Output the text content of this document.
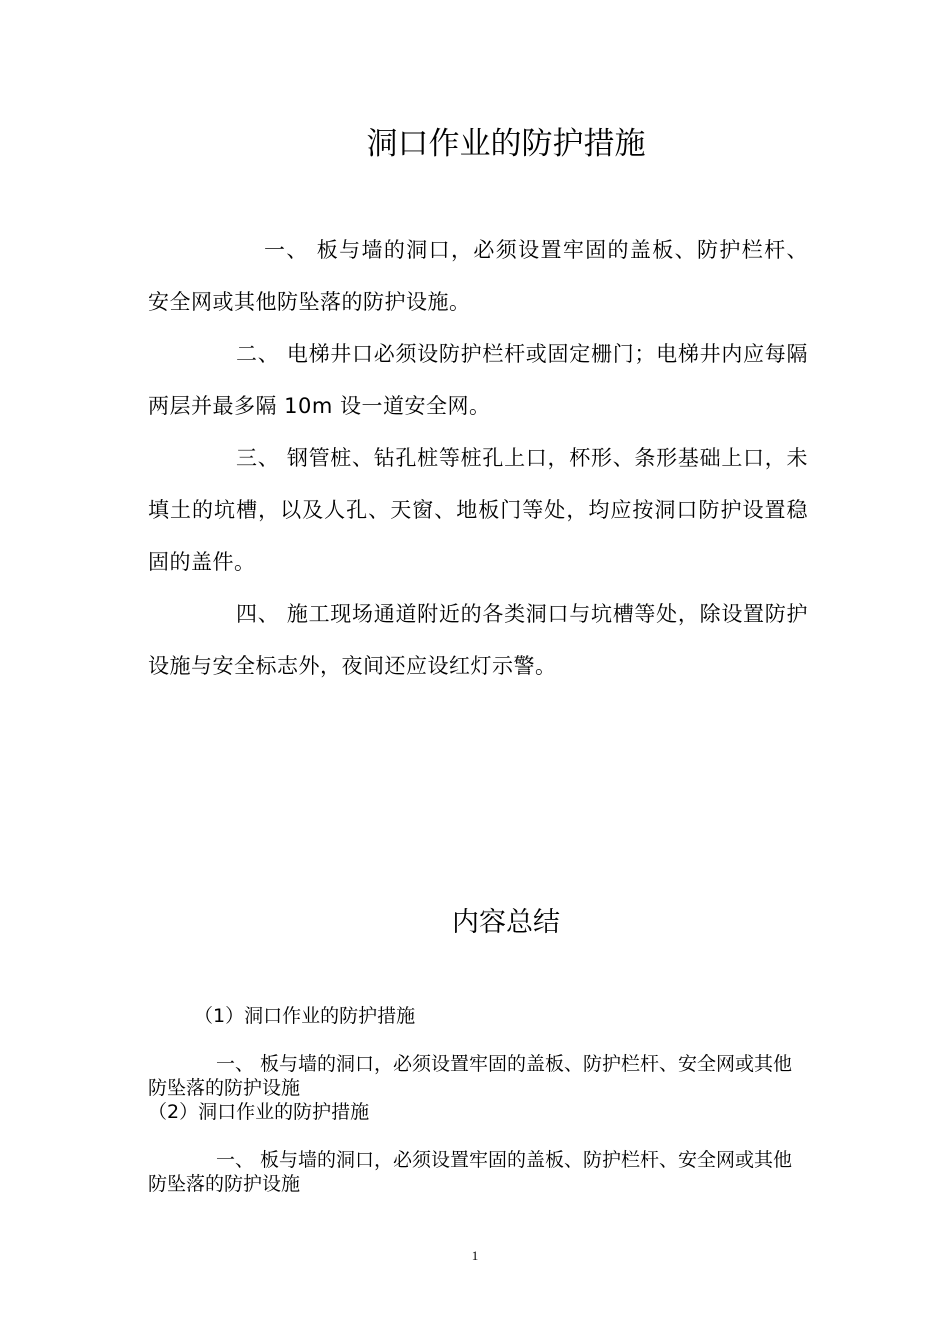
洞口作业的防护措施

一、 板与墙的洞口，必须设置牢固的盖板、防护栏杆、安全网或其他防坠落的防护设施。

二、 电梯井口必须设防护栏杆或固定栅门；电梯井内应每隔两层并最多隔 10m 设一道安全网。

三、 钢管桩、钻孔桩等桩孔上口，杯形、条形基础上口，未填土的坑槽，以及人孔、天窗、地板门等处，均应按洞口防护设置稳固的盖件。

四、 施工现场通道附近的各类洞口与坑槽等处，除设置防护设施与安全标志外，夜间还应设红灯示警。

内容总结

（1）洞口作业的防护措施

一、 板与墙的洞口，必须设置牢固的盖板、防护栏杆、安全网或其他防坠落的防护设施

（2）洞口作业的防护措施

一、 板与墙的洞口，必须设置牢固的盖板、防护栏杆、安全网或其他防坠落的防护设施

1
